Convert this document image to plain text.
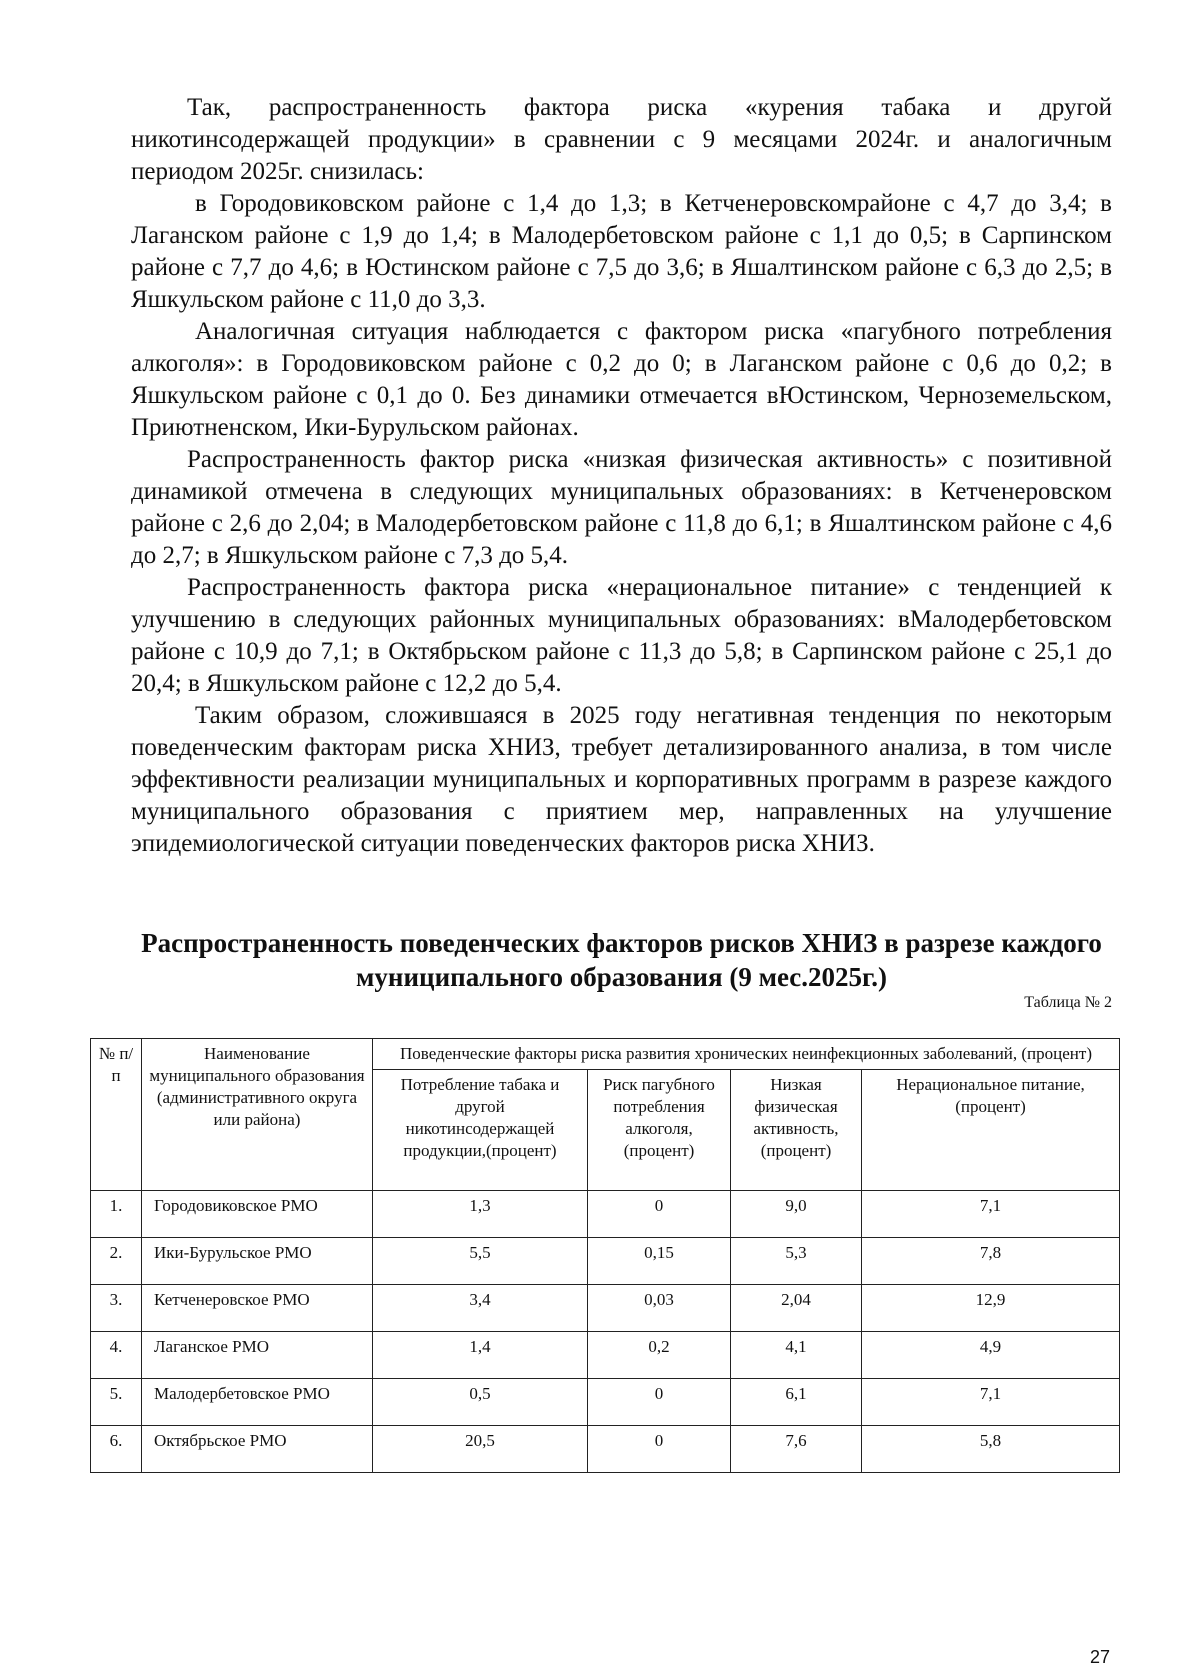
Так, распространенность фактора риска «курения табака и другой никотинсодержащей продукции» в сравнении с 9 месяцами 2024г. и аналогичным периодом 2025г. снизилась:

в Городовиковском районе с 1,4 до 1,3; в Кетченеровскомрайоне с 4,7 до 3,4; в Лаганском районе с 1,9 до 1,4; в Малодербетовском районе с 1,1 до 0,5; в Сарпинском районе с 7,7 до 4,6; в Юстинском районе с 7,5 до 3,6; в Яшалтинском районе с 6,3 до 2,5; в Яшкульском районе с 11,0 до 3,3.

Аналогичная ситуация наблюдается с фактором риска «пагубного потребления алкоголя»: в Городовиковском районе с 0,2 до 0; в Лаганском районе с 0,6 до 0,2; в Яшкульском районе с 0,1 до 0. Без динамики отмечается вЮстинском, Черноземельском, Приютненском, Ики-Бурульском районах.

Распространенность фактор риска «низкая физическая активность» с позитивной динамикой отмечена в следующих муниципальных образованиях: в Кетченеровском районе с 2,6 до 2,04; в Малодербетовском районе с 11,8 до 6,1; в Яшалтинском районе с 4,6 до 2,7; в Яшкульском районе с 7,3 до 5,4.

Распространенность фактора риска «нерациональное питание» с тенденцией к улучшению в следующих районных муниципальных образованиях: вМалодербетовском районе с 10,9 до 7,1; в Октябрьском районе с 11,3 до 5,8; в Сарпинском районе с 25,1 до 20,4; в Яшкульском районе с 12,2 до 5,4.

Таким образом, сложившаяся в 2025 году негативная тенденция по некоторым поведенческим факторам риска ХНИЗ, требует детализированного анализа, в том числе эффективности реализации муниципальных и корпоративных программ в разрезе каждого муниципального образования с приятием мер, направленных на улучшение эпидемиологической ситуации поведенческих факторов риска ХНИЗ.

Распространенность поведенческих факторов рисков ХНИЗ в разрезе каждого муниципального образования (9 мес.2025г.)
Таблица № 2
№ п/п	Наименование муниципального образования (административного округа или района)	Поведенческие факторы риска развития хронических неинфекционных заболеваний, (процент)			
		Потребление табака и другой никотинсодержащей продукции,(процент)	Риск пагубного потребления алкоголя, (процент)	Низкая физическая активность, (процент)	Нерациональное питание, (процент)
1.	Городовиковское РМО	1,3	0	9,0	7,1
2.	Ики-Бурульское РМО	5,5	0,15	5,3	7,8
3.	Кетченеровское РМО	3,4	0,03	2,04	12,9
4.	Лаганское РМО	1,4	0,2	4,1	4,9
5.	Малодербетовское РМО	0,5	0	6,1	7,1
6.	Октябрьское РМО	20,5	0	7,6	5,8
27
